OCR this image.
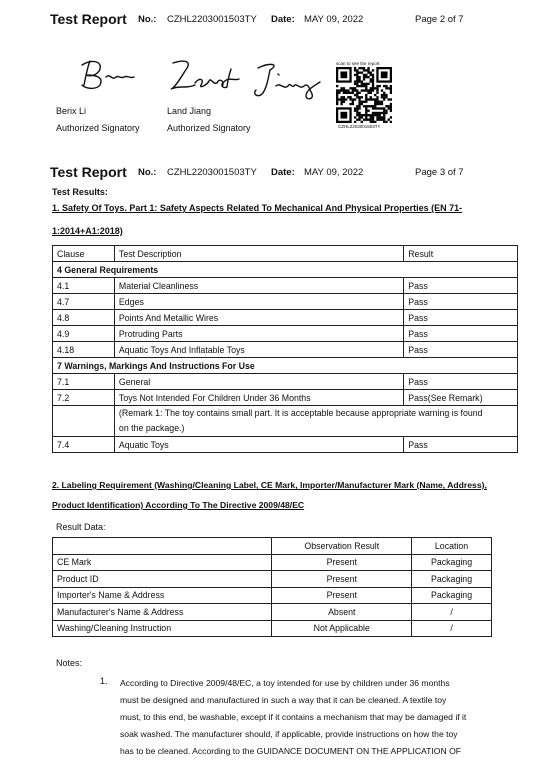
Test Report No.: CZHL2203001503TY Date: MAY 09, 2022	Page 2 of 7
Berix Li
Authorized Signatory
Land Jiang
Authorized Signatory
scan to see the report
CZHL2203001503TY
Test Report No.: CZHL2203001503TY Date: MAY 09, 2022	Page 3 of 7
Test Results:
1. Safety Of Toys. Part 1: Safety Aspects Related To Mechanical And Physical Properties (EN 71-
1:2014+A1:2018)
Clause	Test Description	Result
4 General Requirements		
4.1	Material Cleanliness	Pass
4.7	Edges	Pass
4.8	Points And Metallic Wires	Pass
4.9	Protruding Parts	Pass
4.18	Aquatic Toys And Inflatable Toys	Pass
7 Warnings, Markings And Instructions For Use		
7.1	General	Pass
7.2	Toys Not Intended For Children Under 36 Months	Pass(See Remark)

	(Remark 1: The toy contains small part. It is acceptable because appropriate warning is found
on the package.)	

7.4	Aquatic Toys	Pass
2. Labeling Requirement (Washing/Cleaning Label, CE Mark, Importer/Manufacturer Mark (Name, Address),
Product Identification) According To The Directive 2009/48/EC
Result Data:
	Observation Result	Location
CE Mark	Present	Packaging
Product ID	Present	Packaging
Importer's Name & Address	Present	Packaging
Manufacturer's Name & Address	Absent	/
Washing/Cleaning Instruction	Not Applicable	/
Notes:
1. According to Directive 2009/48/EC, a toy intended for use by children under 36 months
must be designed and manufactured in such a way that it can be cleaned. A textile toy
must, to this end, be washable, except if it contains a mechanism that may be damaged if it
soak washed. The manufacturer should, if applicable, provide instructions on how the toy
has to be cleaned. According to the GUIDANCE DOCUMENT ON THE APPLICATION OF
